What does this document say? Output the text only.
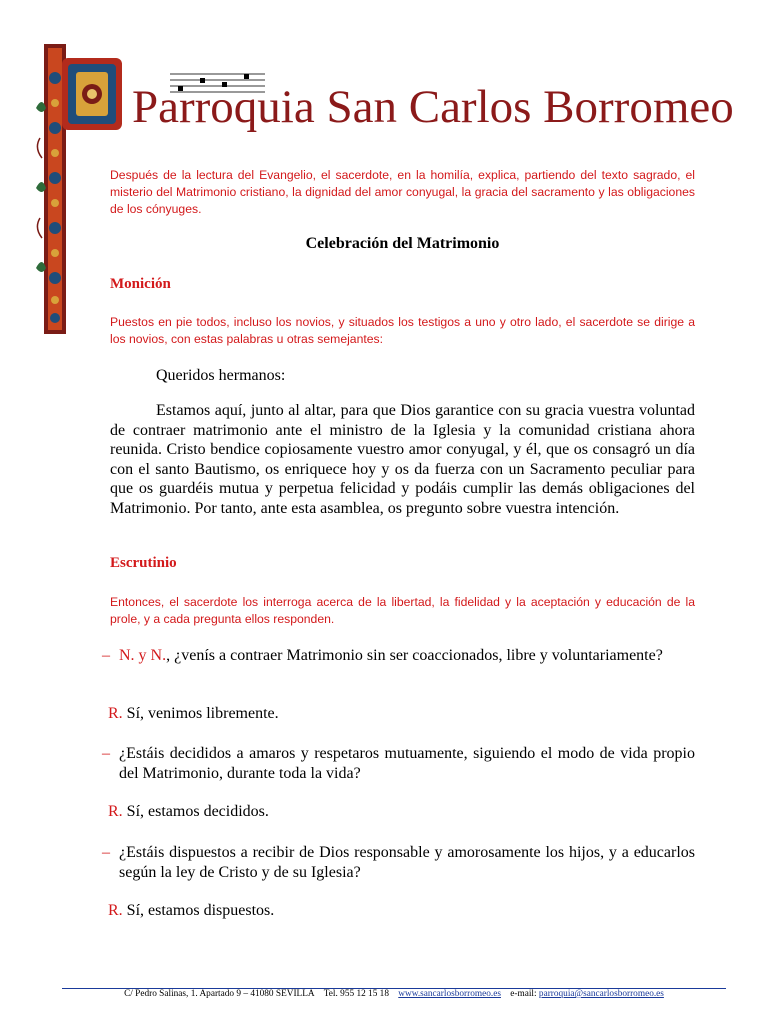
Parroquia San Carlos Borromeo
Después de la lectura del Evangelio, el sacerdote, en la homilía, explica, partiendo del texto sagrado, el misterio del Matrimonio cristiano, la dignidad del amor conyugal, la gracia del sacramento y las obligaciones de los cónyuges.
Celebración del Matrimonio
Monición
Puestos en pie todos, incluso los novios, y situados los testigos a uno y otro lado, el sacerdote se dirige a los novios, con estas palabras u otras semejantes:
Queridos hermanos:
Estamos aquí, junto al altar, para que Dios garantice con su gracia vuestra voluntad de contraer matrimonio ante el ministro de la Iglesia y la comunidad cristiana ahora reunida. Cristo bendice copiosamente vuestro amor conyugal, y él, que os consagró un día con el santo Bautismo, os enriquece hoy y os da fuerza con un Sacramento peculiar para que os guardéis mutua y perpetua felicidad y podáis cumplir las demás obligaciones del Matrimonio. Por tanto, ante esta asamblea, os pregunto sobre vuestra intención.
Escrutinio
Entonces, el sacerdote los interroga acerca de la libertad, la fidelidad y la aceptación y educación de la prole, y a cada pregunta ellos responden.
– N. y N., ¿venís a contraer Matrimonio sin ser coaccionados, libre y voluntariamente?
R. Sí, venimos libremente.
– ¿Estáis decididos a amaros y respetaros mutuamente, siguiendo el modo de vida propio del Matrimonio, durante toda la vida?
R. Sí, estamos decididos.
– ¿Estáis dispuestos a recibir de Dios responsable y amorosamente los hijos, y a educarlos según la ley de Cristo y de su Iglesia?
R. Sí, estamos dispuestos.
C/ Pedro Salinas, 1. Apartado 9 – 41080 SEVILLA Tel. 955 12 15 18 www.sancarlosborromeo.es e-mail: parroquia@sancarlosborromeo.es
